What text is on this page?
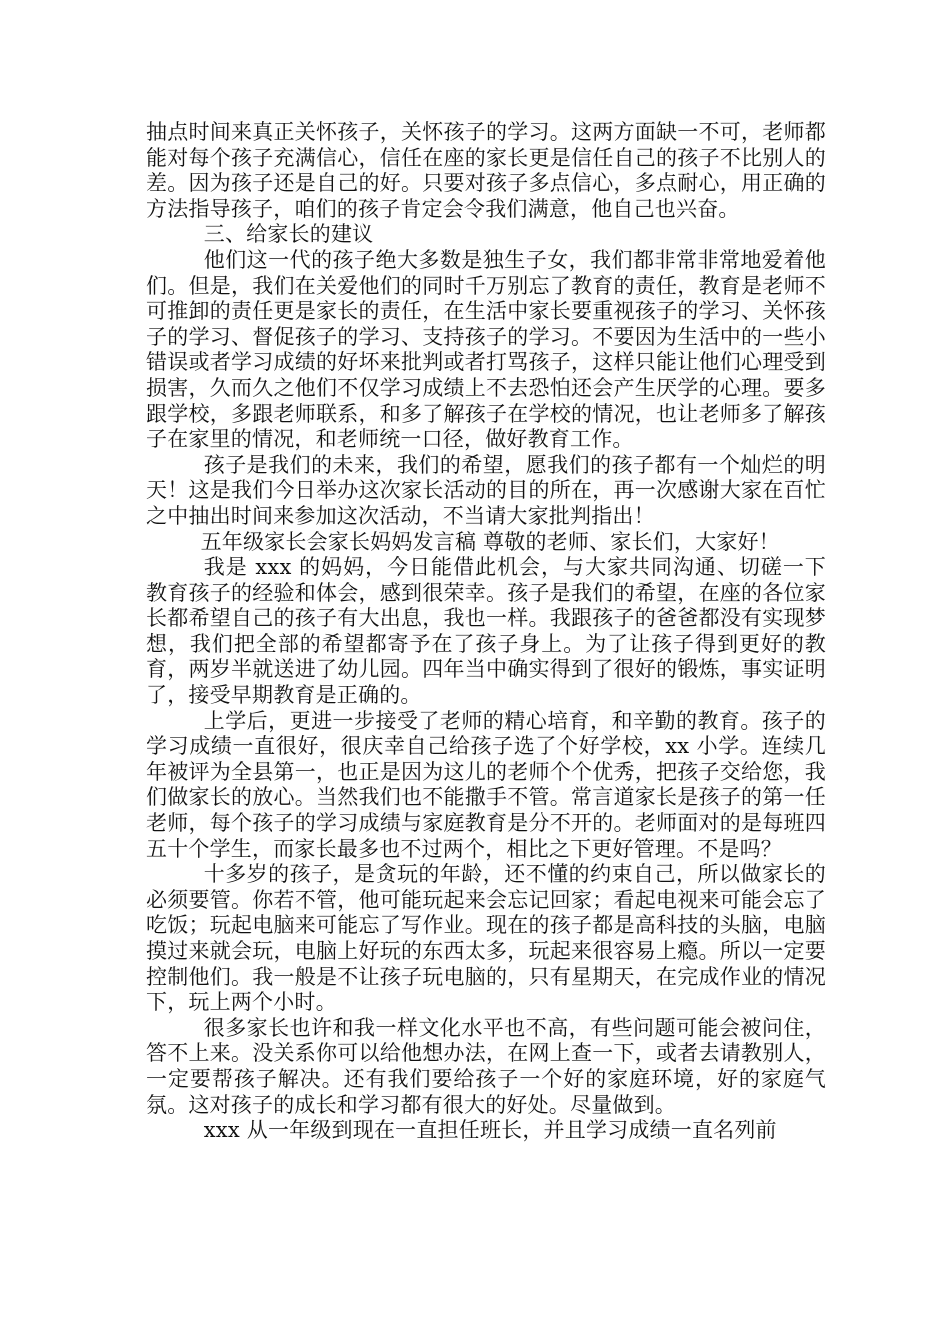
抽点时间来真正关怀孩子，关怀孩子的学习。这两方面缺一不可，老师都能对每个孩子充满信心，信任在座的家长更是信任自己的孩子不比别人的差。因为孩子还是自己的好。只要对孩子多点信心，多点耐心，用正确的方法指导孩子，咱们的孩子肯定会令我们满意，他自己也兴奋。

三、给家长的建议

他们这一代的孩子绝大多数是独生子女，我们都非常非常地爱着他们。但是，我们在关爱他们的同时千万别忘了教育的责任，教育是老师不可推卸的责任更是家长的责任，在生活中家长要重视孩子的学习、关怀孩子的学习、督促孩子的学习、支持孩子的学习。不要因为生活中的一些小错误或者学习成绩的好坏来批判或者打骂孩子，这样只能让他们心理受到损害，久而久之他们不仅学习成绩上不去恐怕还会产生厌学的心理。要多跟学校，多跟老师联系，和多了解孩子在学校的情况，也让老师多了解孩子在家里的情况，和老师统一口径，做好教育工作。

孩子是我们的未来，我们的希望，愿我们的孩子都有一个灿烂的明天！这是我们今日举办这次家长活动的目的所在，再一次感谢大家在百忙之中抽出时间来参加这次活动，不当请大家批判指出！

五年级家长会家长妈妈发言稿 尊敬的老师、家长们，大家好！

我是 xxx 的妈妈，今日能借此机会，与大家共同沟通、切磋一下教育孩子的经验和体会，感到很荣幸。孩子是我们的希望，在座的各位家长都希望自己的孩子有大出息，我也一样。我跟孩子的爸爸都没有实现梦想，我们把全部的希望都寄予在了孩子身上。为了让孩子得到更好的教育，两岁半就送进了幼儿园。四年当中确实得到了很好的锻炼，事实证明了，接受早期教育是正确的。

上学后，更进一步接受了老师的精心培育，和辛勤的教育。孩子的学习成绩一直很好，很庆幸自己给孩子选了个好学校，xx 小学。连续几年被评为全县第一，也正是因为这儿的老师个个优秀，把孩子交给您，我们做家长的放心。当然我们也不能撒手不管。常言道家长是孩子的第一任老师，每个孩子的学习成绩与家庭教育是分不开的。老师面对的是每班四五十个学生，而家长最多也不过两个，相比之下更好管理。不是吗？

十多岁的孩子，是贪玩的年龄，还不懂的约束自己，所以做家长的必须要管。你若不管，他可能玩起来会忘记回家；看起电视来可能会忘了吃饭；玩起电脑来可能忘了写作业。现在的孩子都是高科技的头脑，电脑摸过来就会玩，电脑上好玩的东西太多，玩起来很容易上瘾。所以一定要控制他们。我一般是不让孩子玩电脑的，只有星期天，在完成作业的情况下，玩上两个小时。

很多家长也许和我一样文化水平也不高，有些问题可能会被问住，答不上来。没关系你可以给他想办法，在网上查一下，或者去请教别人，一定要帮孩子解决。还有我们要给孩子一个好的家庭环境，好的家庭气氛。这对孩子的成长和学习都有很大的好处。尽量做到。

xxx 从一年级到现在一直担任班长，并且学习成绩一直名列前
